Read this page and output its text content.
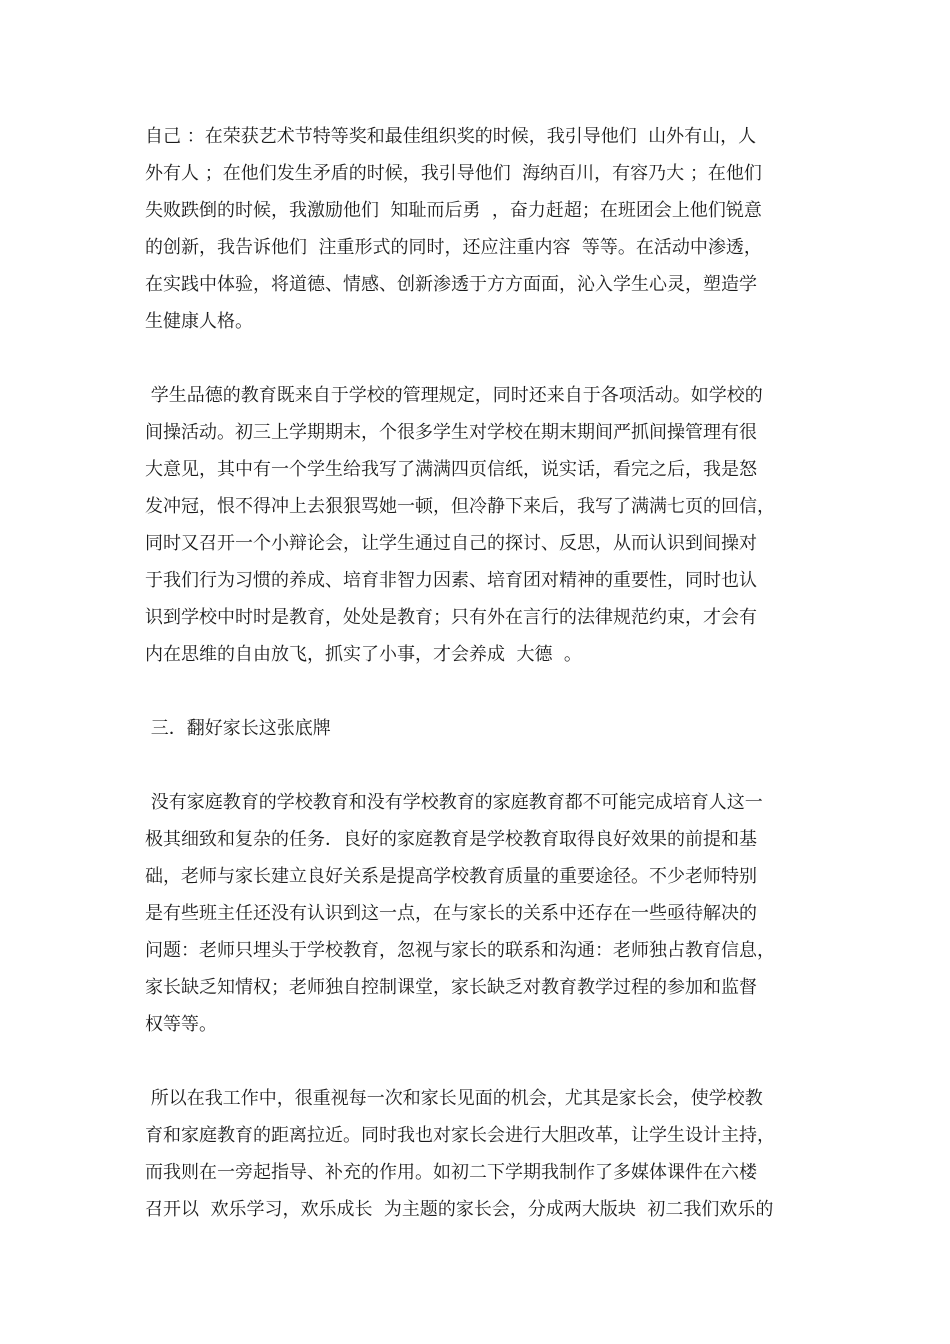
自己 ：在荣获艺术节特等奖和最佳组织奖的时候，我引导他们  山外有山，人
外有人 ；在他们发生矛盾的时候，我引导他们  海纳百川，有容乃大 ；在他们
失败跌倒的时候，我激励他们  知耻而后勇  ，奋力赶超；在班团会上他们锐意
的创新，我告诉他们  注重形式的同时，还应注重内容  等等。在活动中渗透，
在实践中体验，将道德、情感、创新渗透于方方面面，沁入学生心灵，塑造学
生健康人格。
学生品德的教育既来自于学校的管理规定，同时还来自于各项活动。如学校的
间操活动。初三上学期期末，个很多学生对学校在期末期间严抓间操管理有很
大意见，其中有一个学生给我写了满满四页信纸，说实话，看完之后，我是怒
发冲冠，恨不得冲上去狠狠骂她一顿，但冷静下来后，我写了满满七页的回信，
同时又召开一个小辩论会，让学生通过自己的探讨、反思，从而认识到间操对
于我们行为习惯的养成、培育非智力因素、培育团对精神的重要性，同时也认
识到学校中时时是教育，处处是教育；只有外在言行的法律规范约束，才会有
内在思维的自由放飞，抓实了小事，才会养成  大德  。
三．翻好家长这张底牌
没有家庭教育的学校教育和没有学校教育的家庭教育都不可能完成培育人这一
极其细致和复杂的任务．良好的家庭教育是学校教育取得良好效果的前提和基
础，老师与家长建立良好关系是提高学校教育质量的重要途径。不少老师特别
是有些班主任还没有认识到这一点，在与家长的关系中还存在一些亟待解决的
问题：老师只埋头于学校教育，忽视与家长的联系和沟通：老师独占教育信息，
家长缺乏知情权；老师独自控制课堂，家长缺乏对教育教学过程的参加和监督
权等等。
所以在我工作中，很重视每一次和家长见面的机会，尤其是家长会，使学校教
育和家庭教育的距离拉近。同时我也对家长会进行大胆改革，让学生设计主持，
而我则在一旁起指导、补充的作用。如初二下学期我制作了多媒体课件在六楼
召开以  欢乐学习，欢乐成长  为主题的家长会，分成两大版块  初二我们欢乐的
